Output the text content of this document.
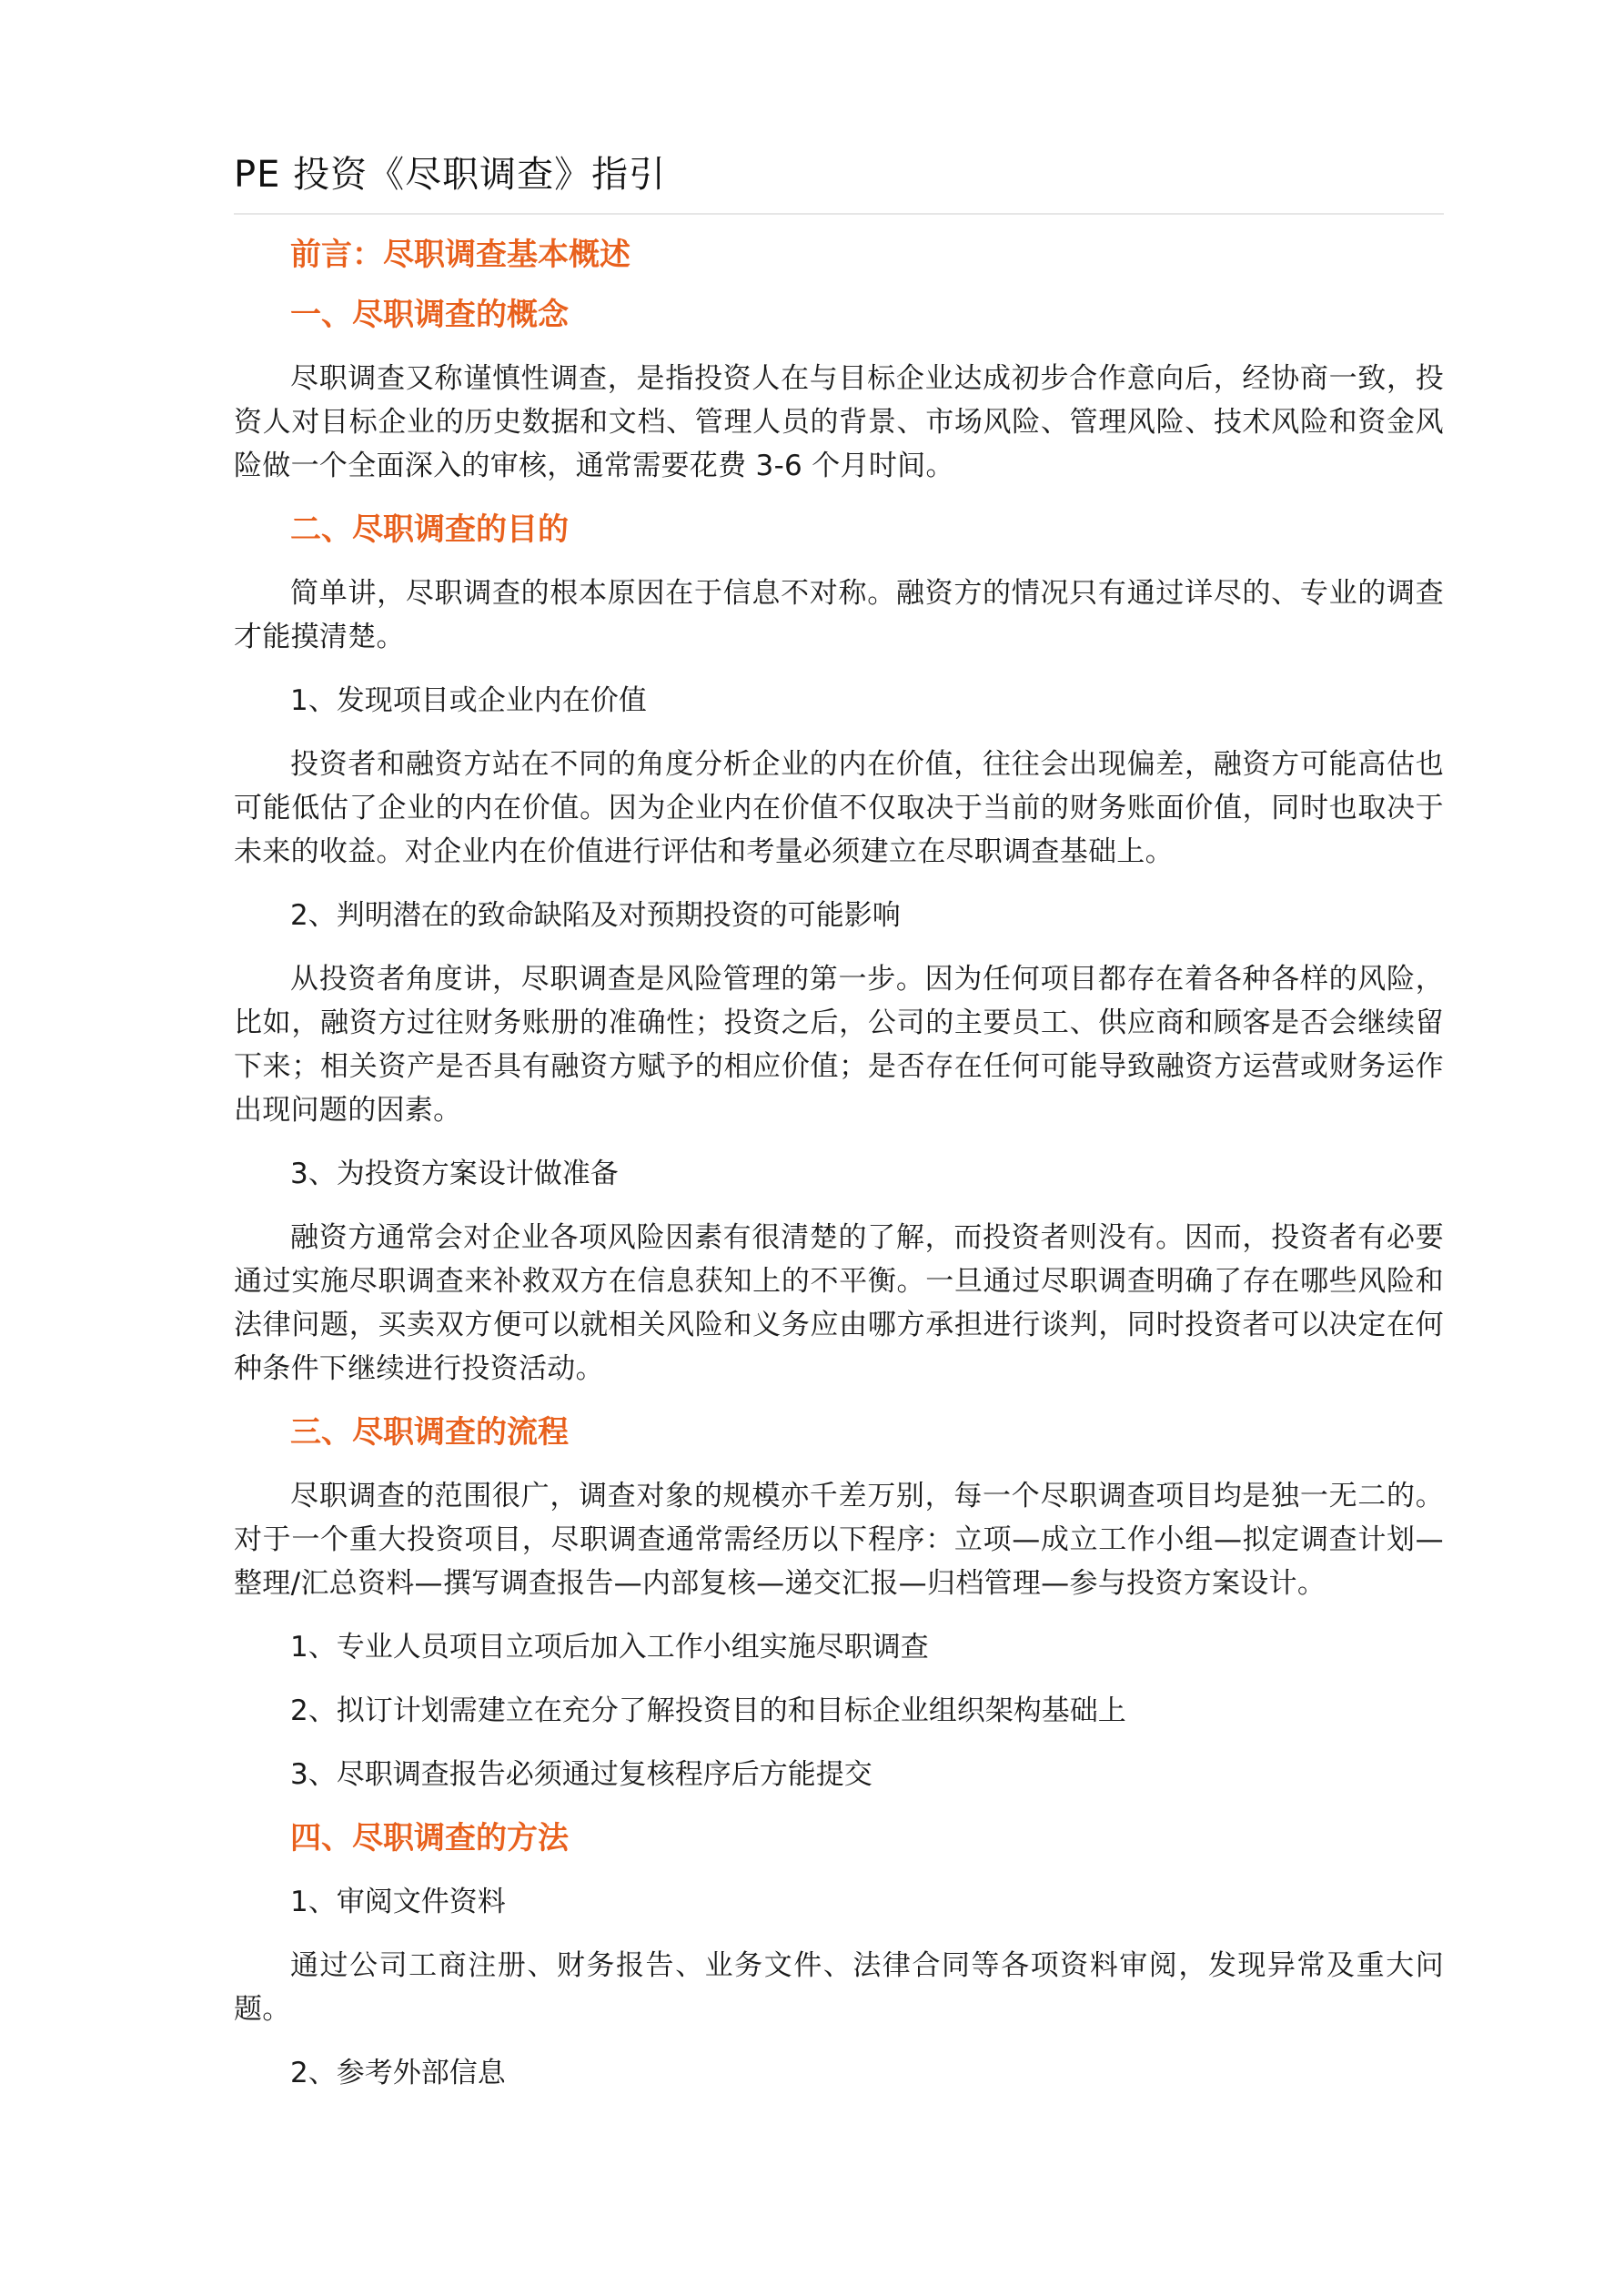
PE 投资《尽职调查》指引
前言：尽职调查基本概述
一、尽职调查的概念

尽职调查又称谨慎性调查，是指投资人在与目标企业达成初步合作意向后，经协商一致，投资人对目标企业的历史数据和文档、管理人员的背景、市场风险、管理风险、技术风险和资金风险做一个全面深入的审核，通常需要花费 3-6 个月时间。

二、尽职调查的目的

简单讲，尽职调查的根本原因在于信息不对称。融资方的情况只有通过详尽的、专业的调查才能摸清楚。

1、发现项目或企业内在价值

投资者和融资方站在不同的角度分析企业的内在价值，往往会出现偏差，融资方可能高估也可能低估了企业的内在价值。因为企业内在价值不仅取决于当前的财务账面价值，同时也取决于未来的收益。对企业内在价值进行评估和考量必须建立在尽职调查基础上。

2、判明潜在的致命缺陷及对预期投资的可能影响

从投资者角度讲，尽职调查是风险管理的第一步。因为任何项目都存在着各种各样的风险，比如，融资方过往财务账册的准确性；投资之后，公司的主要员工、供应商和顾客是否会继续留下来；相关资产是否具有融资方赋予的相应价值；是否存在任何可能导致融资方运营或财务运作出现问题的因素。

3、为投资方案设计做准备

融资方通常会对企业各项风险因素有很清楚的了解，而投资者则没有。因而，投资者有必要通过实施尽职调查来补救双方在信息获知上的不平衡。一旦通过尽职调查明确了存在哪些风险和法律问题，买卖双方便可以就相关风险和义务应由哪方承担进行谈判，同时投资者可以决定在何种条件下继续进行投资活动。

三、尽职调查的流程

尽职调查的范围很广，调查对象的规模亦千差万别，每一个尽职调查项目均是独一无二的。对于一个重大投资项目，尽职调查通常需经历以下程序：立项—成立工作小组—拟定调查计划—整理/汇总资料—撰写调查报告—内部复核—递交汇报—归档管理—参与投资方案设计。

1、专业人员项目立项后加入工作小组实施尽职调查

2、拟订计划需建立在充分了解投资目的和目标企业组织架构基础上

3、尽职调查报告必须通过复核程序后方能提交

四、尽职调查的方法

1、审阅文件资料

通过公司工商注册、财务报告、业务文件、法律合同等各项资料审阅，发现异常及重大问题。

2、参考外部信息
